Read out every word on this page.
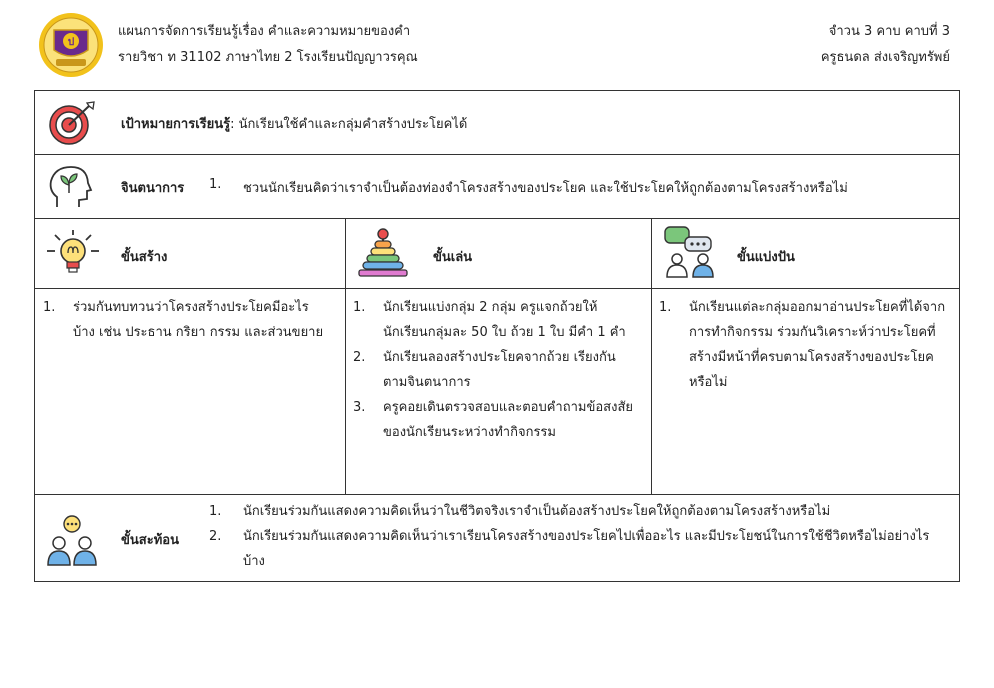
ป
แผนการจัดการเรียนรู้เรื่อง คำและความหมายของคำ
รายวิชา ท 31102 ภาษาไทย 2 โรงเรียนปัญญาวรคุณ
จำวน 3 คาบ คาบที่ 3
ครูธนดล ส่งเจริญทรัพย์
เป้าหมายการเรียนรู้: นักเรียนใช้คำและกลุ่มคำสร้างประโยคได้
จินตนาการ 1. ชวนนักเรียนคิดว่าเราจำเป็นต้องท่องจำโครงสร้างของประโยค และใช้ประโยคให้ถูกต้องตามโครงสร้างหรือไม่
ขั้นสร้าง	ขั้นเล่น	ขั้นแบ่งปัน
1. ร่วมกันทบทวนว่าโครงสร้างประโยคมีอะไรบ้าง เช่น ประธาน กริยา กรรม และส่วนขยาย
1. นักเรียนแบ่งกลุ่ม 2 กลุ่ม ครูแจกถ้วยให้นักเรียนกลุ่มละ 50 ใบ ถ้วย 1 ใบ มีคำ 1 คำ
2. นักเรียนลองสร้างประโยคจากถ้วย เรียงกันตามจินตนาการ
3. ครูคอยเดินตรวจสอบและตอบคำถามข้อสงสัยของนักเรียนระหว่างทำกิจกรรม
1. นักเรียนแต่ละกลุ่มออกมาอ่านประโยคที่ได้จากการทำกิจกรรม ร่วมกันวิเคราะห์ว่าประโยคที่สร้างมีหน้าที่ครบตามโครงสร้างของประโยคหรือไม่
ขั้นสะท้อน
1. นักเรียนร่วมกันแสดงความคิดเห็นว่าในชีวิตจริงเราจำเป็นต้องสร้างประโยคให้ถูกต้องตามโครงสร้างหรือไม่
2. นักเรียนร่วมกันแสดงความคิดเห็นว่าเราเรียนโครงสร้างของประโยคไปเพื่ออะไร และมีประโยชน์ในการใช้ชีวิตหรือไม่อย่างไรบ้าง
